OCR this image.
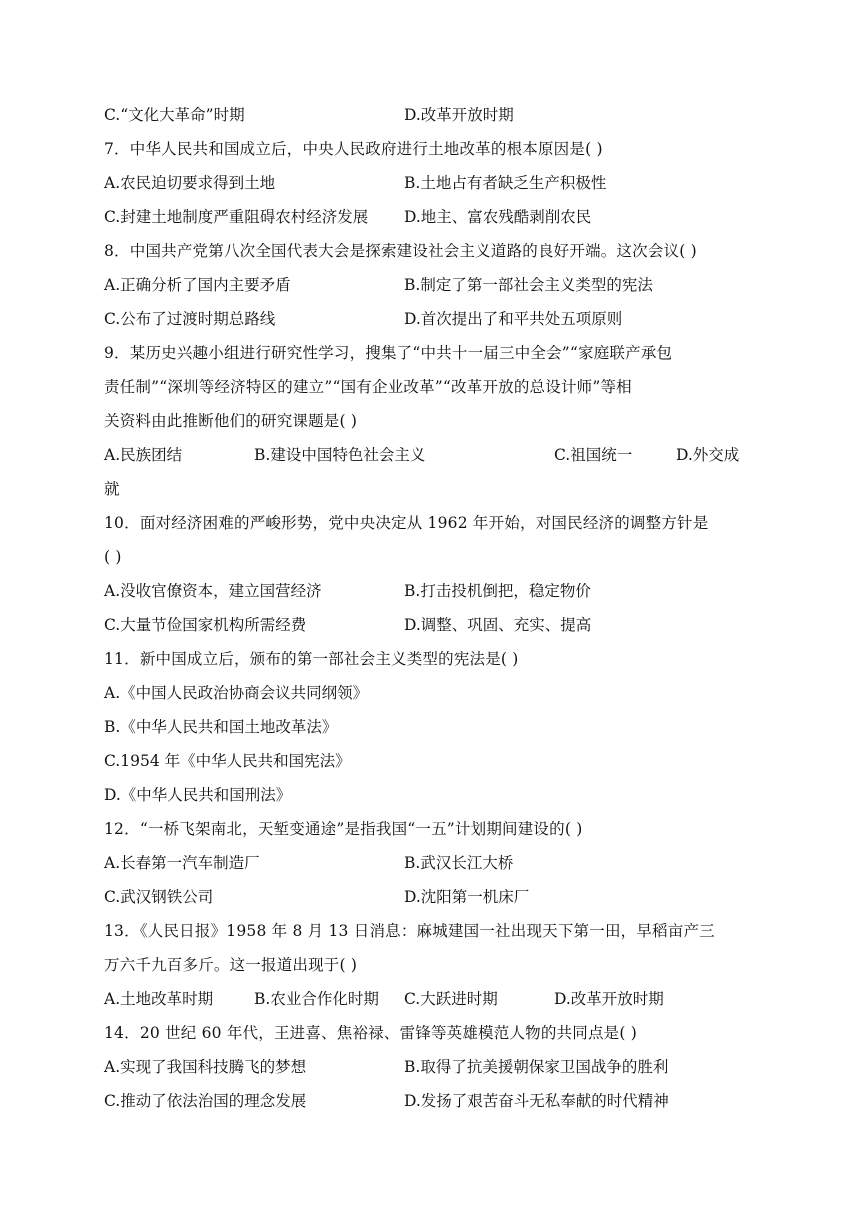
C.“文化大革命”时期	D.改革开放时期
7．中华人民共和国成立后，中央人民政府进行土地改革的根本原因是( )
A.农民迫切要求得到土地	B.土地占有者缺乏生产积极性
C.封建土地制度严重阻碍农村经济发展 D.地主、富农残酷剥削农民
8．中国共产党第八次全国代表大会是探索建设社会主义道路的良好开端。这次会议( )
A.正确分析了国内主要矛盾	B.制定了第一部社会主义类型的宪法
C.公布了过渡时期总路线	D.首次提出了和平共处五项原则
9．某历史兴趣小组进行研究性学习，搜集了“中共十一届三中全会”“家庭联产承包
责任制”“深圳等经济特区的建立”“国有企业改革”“改革开放的总设计师”等相
关资料由此推断他们的研究课题是( )
A.民族团结	B.建设中国特色社会主义	C.祖国统一	D.外交成
就
10．面对经济困难的严峻形势，党中央决定从 1962 年开始，对国民经济的调整方针是
( )
A.没收官僚资本，建立国营经济	B.打击投机倒把，稳定物价
C.大量节俭国家机构所需经费	D.调整、巩固、充实、提高
11．新中国成立后，颁布的第一部社会主义类型的宪法是( )
A.《中国人民政治协商会议共同纲领》
B.《中华人民共和国土地改革法》
C.1954 年《中华人民共和国宪法》
D.《中华人民共和国刑法》
12．“一桥飞架南北，天堑变通途”是指我国“一五”计划期间建设的( )
A.长春第一汽车制造厂	B.武汉长江大桥
C.武汉钢铁公司	D.沈阳第一机床厂
13．《人民日报》1958 年 8 月 13 日消息：麻城建国一社出现天下第一田，早稻亩产三
万六千九百多斤。这一报道出现于( )
A.土地改革时期	B.农业合作化时期 C.大跃进时期	D.改革开放时期
14．20 世纪 60 年代，王进喜、焦裕禄、雷锋等英雄模范人物的共同点是( )
A.实现了我国科技腾飞的梦想	B.取得了抗美援朝保家卫国战争的胜利
C.推动了依法治国的理念发展	D.发扬了艰苦奋斗无私奉献的时代精神
